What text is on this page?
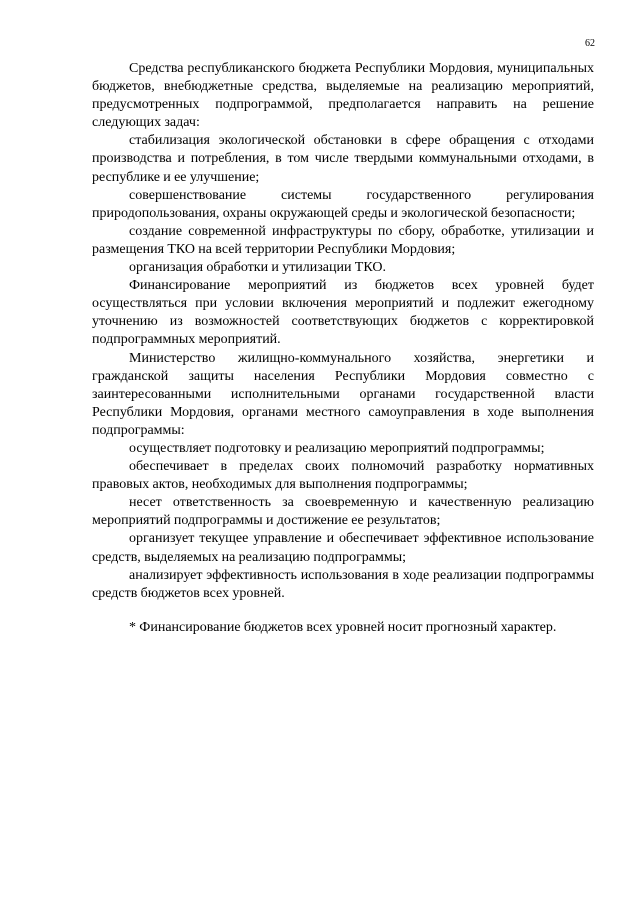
62

Средства республиканского бюджета Республики Мордовия, муниципальных бюджетов, внебюджетные средства, выделяемые на реализацию мероприятий, предусмотренных подпрограммой, предполагается направить на решение следующих задач:

стабилизация экологической обстановки в сфере обращения с отходами производства и потребления, в том числе твердыми коммунальными отходами, в республике и ее улучшение;

совершенствование системы государственного регулирования природопользования, охраны окружающей среды и экологической безопасности;

создание современной инфраструктуры по сбору, обработке, утилизации и размещения ТКО на всей территории Республики Мордовия;

организация обработки и утилизации ТКО.

Финансирование мероприятий из бюджетов всех уровней будет осуществляться при условии включения мероприятий и подлежит ежегодному уточнению из возможностей соответствующих бюджетов с корректировкой подпрограммных мероприятий.

Министерство жилищно-коммунального хозяйства, энергетики и гражданской защиты населения Республики Мордовия совместно с заинтересованными исполнительными органами государственной власти Республики Мордовия, органами местного самоуправления в ходе выполнения подпрограммы:

осуществляет подготовку и реализацию мероприятий подпрограммы;

обеспечивает в пределах своих полномочий разработку нормативных правовых актов, необходимых для выполнения подпрограммы;

несет ответственность за своевременную и качественную реализацию мероприятий подпрограммы и достижение ее результатов;

организует текущее управление и обеспечивает эффективное использование средств, выделяемых на реализацию подпрограммы;

анализирует эффективность использования в ходе реализации подпрограммы средств бюджетов всех уровней.

* Финансирование бюджетов всех уровней носит прогнозный характер.
